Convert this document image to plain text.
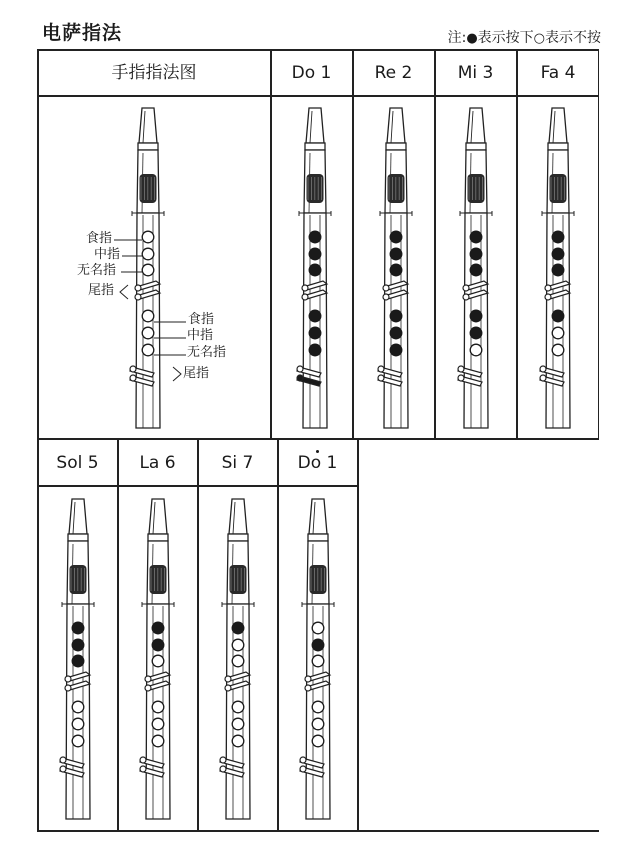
电萨指法	注:●表示按下○表示不按
手指指法图	Do 1	Re 2	Mi 3	Fa 4
Sol 5	La 6	Si 7	Do 1
食指
中指
无名指
尾指
食指
中指
无名指
尾指
